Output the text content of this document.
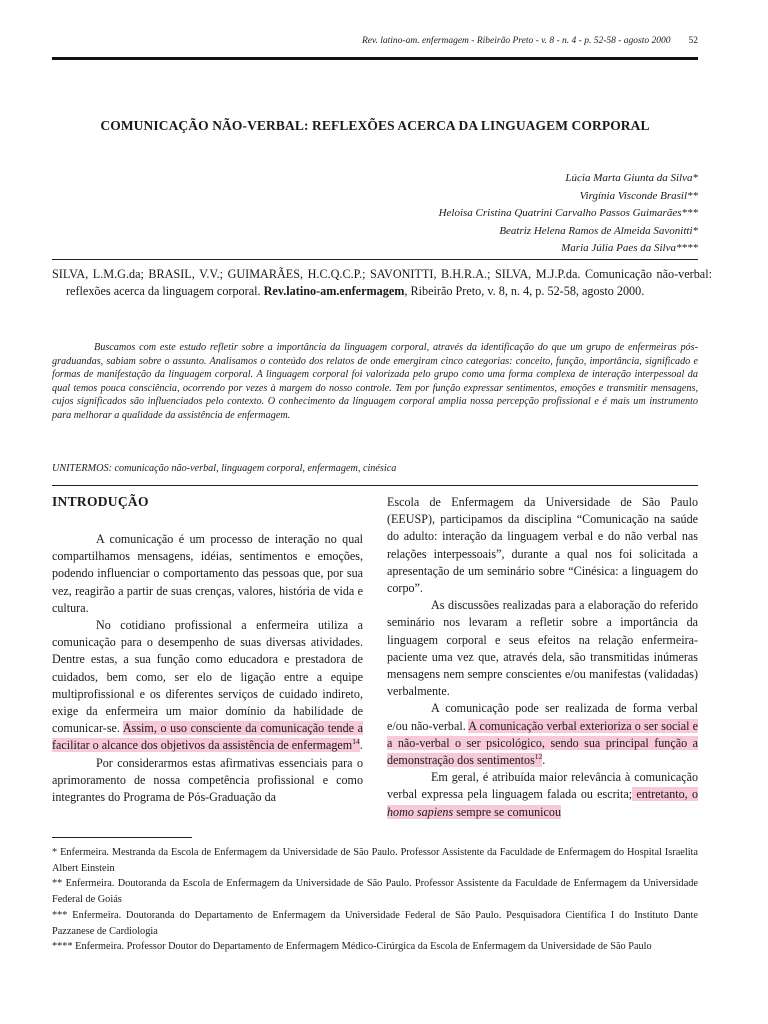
Rev. latino-am. enfermagem - Ribeirão Preto - v. 8 - n. 4 - p. 52-58 - agosto 2000 52
COMUNICAÇÃO NÃO-VERBAL: REFLEXÕES ACERCA DA LINGUAGEM CORPORAL
Lúcia Marta Giunta da Silva*
Virgínia Visconde Brasil**
Heloisa Cristina Quatrini Carvalho Passos Guimarães***
Beatriz Helena Ramos de Almeida Savonitti*
Maria Júlia Paes da Silva****
SILVA, L.M.G.da; BRASIL, V.V.; GUIMARÃES, H.C.Q.C.P.; SAVONITTI, B.H.R.A.; SILVA, M.J.P.da. Comunicação não-verbal: reflexões acerca da linguagem corporal. Rev.latino-am.enfermagem, Ribeirão Preto, v. 8, n. 4, p. 52-58, agosto 2000.
Buscamos com este estudo refletir sobre a importância da linguagem corporal, através da identificação do que um grupo de enfermeiras pós-graduandas, sabiam sobre o assunto. Analisamos o conteúdo dos relatos de onde emergiram cinco categorias: conceito, função, importância, significado e formas de manifestação da linguagem corporal. A linguagem corporal foi valorizada pelo grupo como uma forma complexa de interação interpessoal da qual temos pouca consciência, ocorrendo por vezes à margem do nosso controle. Tem por função expressar sentimentos, emoções e transmitir mensagens, cujos significados são influenciados pelo contexto. O conhecimento da linguagem corporal amplia nossa percepção profissional e é mais um instrumento para melhorar a qualidade da assistência de enfermagem.
UNITERMOS: comunicação não-verbal, linguagem corporal, enfermagem, cinésica
INTRODUÇÃO

A comunicação é um processo de interação no qual compartilhamos mensagens, idéias, sentimentos e emoções, podendo influenciar o comportamento das pessoas que, por sua vez, reagirão a partir de suas crenças, valores, história de vida e cultura.

No cotidiano profissional a enfermeira utiliza a comunicação para o desempenho de suas diversas atividades. Dentre estas, a sua função como educadora e prestadora de cuidados, bem como, ser elo de ligação entre a equipe multiprofissional e os diferentes serviços de cuidado indireto, exige da enfermeira um maior domínio da habilidade de comunicar-se. Assim, o uso consciente da comunicação tende a facilitar o alcance dos objetivos da assistência de enfermagem$^{14}$.

Por considerarmos estas afirmativas essenciais para o aprimoramento de nossa competência profissional e como integrantes do Programa de Pós-Graduação da

Escola de Enfermagem da Universidade de São Paulo (EEUSP), participamos da disciplina “Comunicação na saúde do adulto: interação da linguagem verbal e do não verbal nas relações interpessoais”, durante a qual nos foi solicitada a apresentação de um seminário sobre “Cinésica: a linguagem do corpo”.

As discussões realizadas para a elaboração do referido seminário nos levaram a refletir sobre a importância da linguagem corporal e seus efeitos na relação enfermeira-paciente uma vez que, através dela, são transmitidas inúmeras mensagens nem sempre conscientes e/ou manifestas (validadas) verbalmente.

A comunicação pode ser realizada de forma verbal e/ou não-verbal. A comunicação verbal exterioriza o ser social e a não-verbal o ser psicológico, sendo sua principal função a demonstração dos sentimentos$^{12}$.

Em geral, é atribuída maior relevância à comunicação verbal expressa pela linguagem falada ou escrita; entretanto, o homo sapiens sempre se comunicou

* Enfermeira. Mestranda da Escola de Enfermagem da Universidade de São Paulo. Professor Assistente da Faculdade de Enfermagem do Hospital Israelita Albert Einstein
** Enfermeira. Doutoranda da Escola de Enfermagem da Universidade de São Paulo. Professor Assistente da Faculdade de Enfermagem da Universidade Federal de Goiás
*** Enfermeira. Doutoranda do Departamento de Enfermagem da Universidade Federal de São Paulo. Pesquisadora Científica I do Instituto Dante Pazzanese de Cardiologia
**** Enfermeira. Professor Doutor do Departamento de Enfermagem Médico-Cirúrgica da Escola de Enfermagem da Universidade de São Paulo
